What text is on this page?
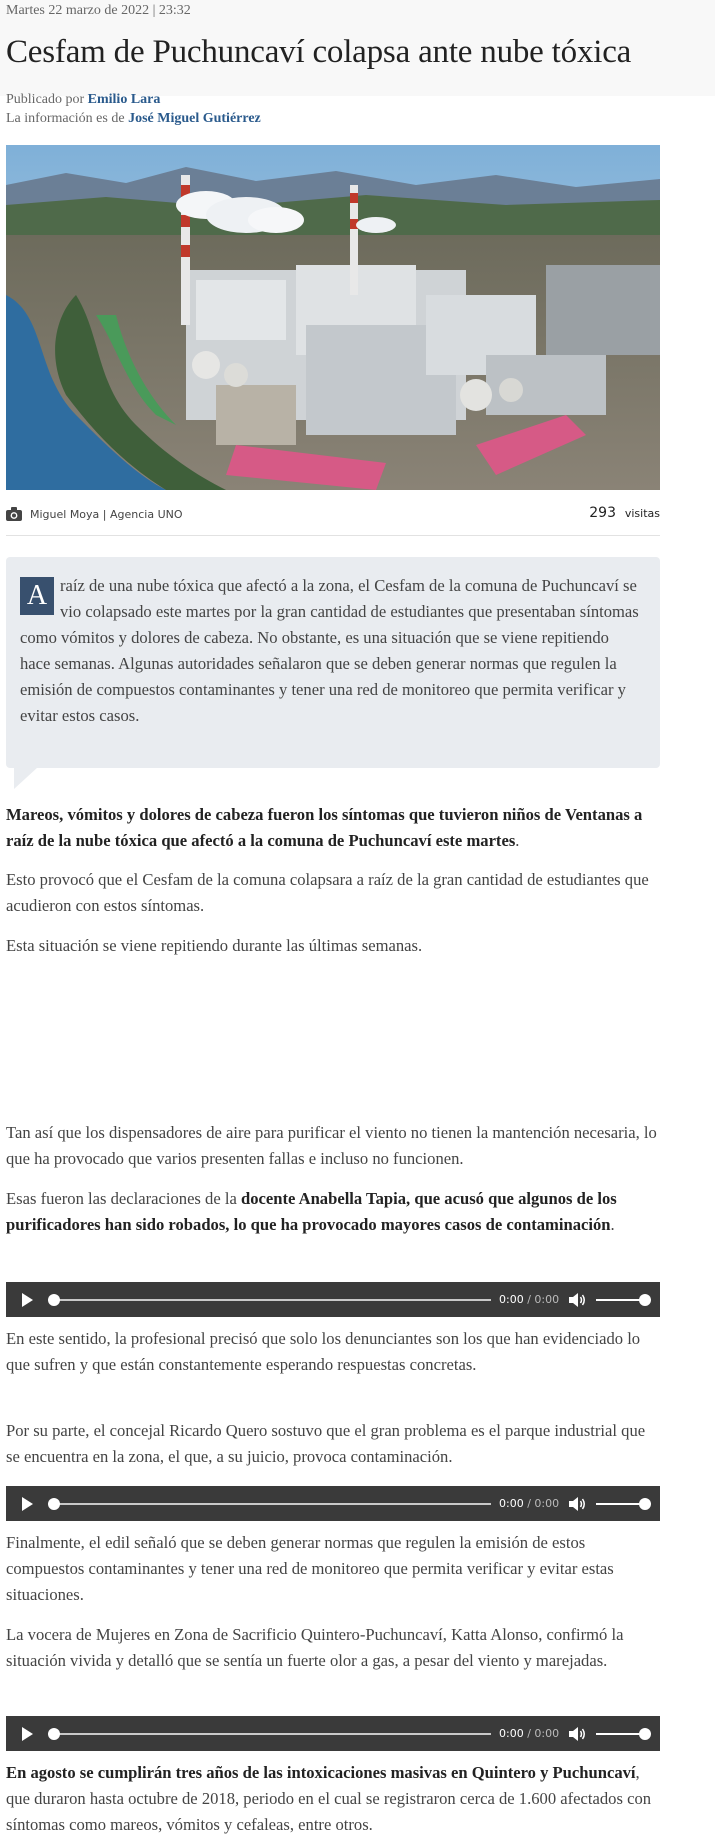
Martes 22 marzo de 2022 | 23:32
Cesfam de Puchuncaví colapsa ante nube tóxica
Publicado por Emilio Lara
La información es de José Miguel Gutiérrez
Miguel Moya | Agencia UNO	293 visitas
A raíz de una nube tóxica que afectó a la zona, el Cesfam de la comuna de Puchuncaví se vio colapsado este martes por la gran cantidad de estudiantes que presentaban síntomas como vómitos y dolores de cabeza. No obstante, es una situación que se viene repitiendo hace semanas. Algunas autoridades señalaron que se deben generar normas que regulen la emisión de compuestos contaminantes y tener una red de monitoreo que permita verificar y evitar estos casos.

Mareos, vómitos y dolores de cabeza fueron los síntomas que tuvieron niños de Ventanas a raíz de la nube tóxica que afectó a la comuna de Puchuncaví este martes.

Esto provocó que el Cesfam de la comuna colapsara a raíz de la gran cantidad de estudiantes que acudieron con estos síntomas.

Esta situación se viene repitiendo durante las últimas semanas.

Tan así que los dispensadores de aire para purificar el viento no tienen la mantención necesaria, lo que ha provocado que varios presenten fallas e incluso no funcionen.

Esas fueron las declaraciones de la docente Anabella Tapia, que acusó que algunos de los purificadores han sido robados, lo que ha provocado mayores casos de contaminación.

0:00 / 0:00

En este sentido, la profesional precisó que solo los denunciantes son los que han evidenciado lo que sufren y que están constantemente esperando respuestas concretas.

Por su parte, el concejal Ricardo Quero sostuvo que el gran problema es el parque industrial que se encuentra en la zona, el que, a su juicio, provoca contaminación.

0:00 / 0:00

Finalmente, el edil señaló que se deben generar normas que regulen la emisión de estos compuestos contaminantes y tener una red de monitoreo que permita verificar y evitar estas situaciones.

La vocera de Mujeres en Zona de Sacrificio Quintero-Puchuncaví, Katta Alonso, confirmó la situación vivida y detalló que se sentía un fuerte olor a gas, a pesar del viento y marejadas.

0:00 / 0:00

En agosto se cumplirán tres años de las intoxicaciones masivas en Quintero y Puchuncaví, que duraron hasta octubre de 2018, periodo en el cual se registraron cerca de 1.600 afectados con síntomas como mareos, vómitos y cefaleas, entre otros.
